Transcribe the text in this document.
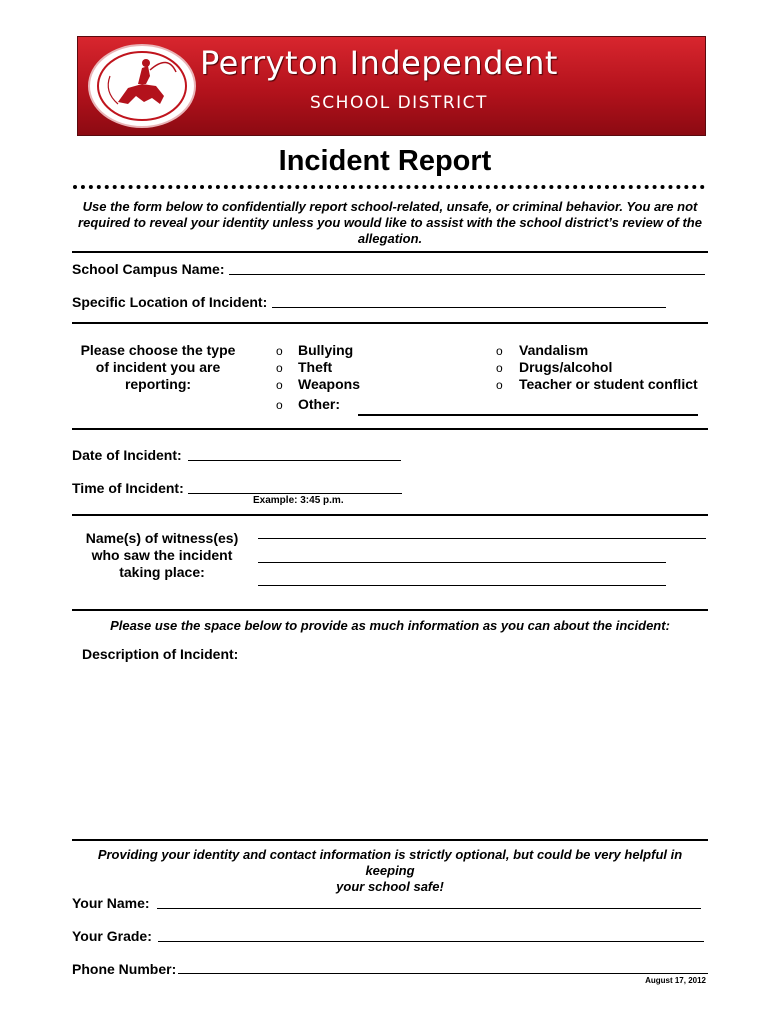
Perryton Independent
SCHOOL DISTRICT
Incident Report
Use the form below to confidentially report school-related, unsafe, or criminal behavior. You are not required to reveal your identity unless you would like to assist with the school district’s review of the allegation.
School Campus Name:
Specific Location of Incident:
Please choose the type
of incident you are
reporting:
o Bullying
o Theft
o Weapons
o Other:
o Vandalism
o Drugs/alcohol
o Teacher or student conflict
Date of Incident:
Time of Incident:
Example: 3:45 p.m.
Name(s) of witness(es)
who saw the incident
taking place:
Please use the space below to provide as much information as you can about the incident:
Description of Incident:
Providing your identity and contact information is strictly optional, but could be very helpful in keeping
your school safe!
Your Name:
Your Grade:
Phone Number:
August 17, 2012
